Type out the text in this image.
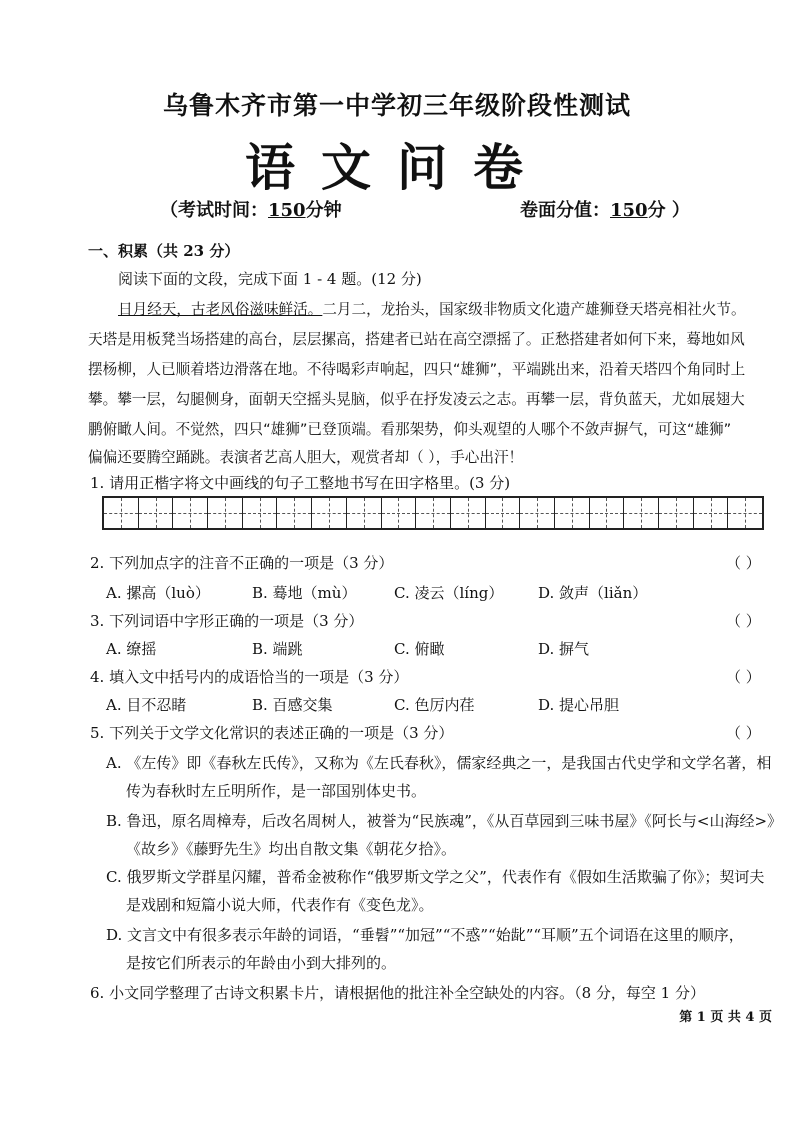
乌鲁木齐市第一中学初三年级阶段性测试
语文问卷
（考试时间：150分钟	卷面分值：150分 ）
一、积累（共 23 分）
阅读下面的文段，完成下面 1 - 4 题。(12 分)
日月经天，古老风俗滋味鲜活。二月二，龙抬头，国家级非物质文化遗产雄狮登天塔亮相社火节。
天塔是用板凳当场搭建的高台，层层摞高，搭建者已站在高空漂摇了。正愁搭建者如何下来，蓦地如风
摆杨柳，人已顺着塔边滑落在地。不待喝彩声响起，四只“雄狮”，平端跳出来，沿着天塔四个角同时上
攀。攀一层，勾腿侧身，面朝天空摇头晃脑，似乎在抒发凌云之志。再攀一层，背负蓝天，尤如展翅大
鹏俯瞰人间。不觉然，四只“雄狮”已登顶端。看那架势，仰头观望的人哪个不敛声摒气，可这“雄狮”
偏偏还要腾空踊跳。表演者艺高人胆大，观赏者却（ ），手心出汗！
1. 请用正楷字将文中画线的句子工整地书写在田字格里。(3 分)
2. 下列加点字的注音不正确的一项是（3 分）	（ ）
A. 摞高（luò）	B. 蓦地（mù）	C. 凌云（líng） D. 敛声（liǎn）
3. 下列词语中字形正确的一项是（3 分）	（ ）
A. 缭摇	B. 端跳	C. 俯瞰	D. 摒气
4. 填入文中括号内的成语恰当的一项是（3 分）	（ ）
A. 目不忍睹	B. 百感交集	C. 色厉内荏	D. 提心吊胆
5. 下列关于文学文化常识的表述正确的一项是（3 分）	（ ）
A. 《左传》即《春秋左氏传》，又称为《左氏春秋》，儒家经典之一，是我国古代史学和文学名著，相
传为春秋时左丘明所作，是一部国别体史书。
B. 鲁迅，原名周樟寿，后改名周树人，被誉为“民族魂”，《从百草园到三味书屋》《阿长与<山海经>》
《故乡》《藤野先生》均出自散文集《朝花夕拾》。
C. 俄罗斯文学群星闪耀，普希金被称作“俄罗斯文学之父”，代表作有《假如生活欺骗了你》；契诃夫
是戏剧和短篇小说大师，代表作有《变色龙》。
D. 文言文中有很多表示年龄的词语，“垂髫”“加冠”“不惑”“始龀”“耳顺”五个词语在这里的顺序，
是按它们所表示的年龄由小到大排列的。
6. 小文同学整理了古诗文积累卡片，请根据他的批注补全空缺处的内容。（8 分，每空 1 分）
第 1 页 共 4 页
